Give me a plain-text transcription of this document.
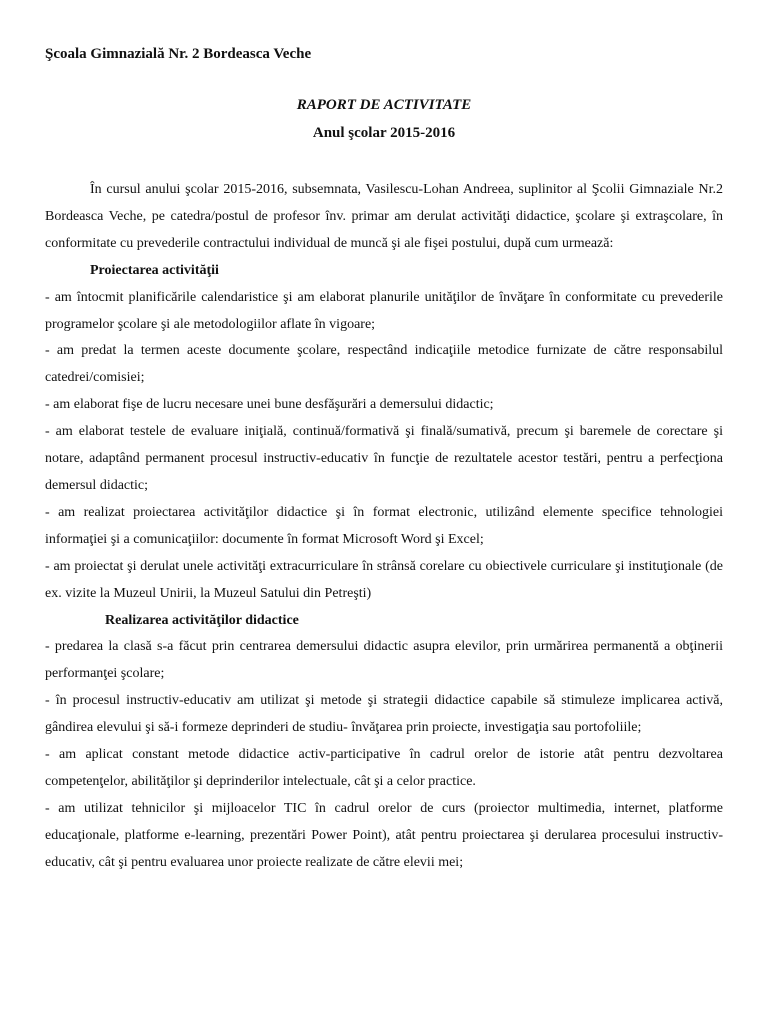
Şcoala Gimnazială Nr. 2 Bordeasca Veche
RAPORT DE ACTIVITATE
Anul şcolar 2015-2016

În cursul anului şcolar 2015-2016, subsemnata, Vasilescu-Lohan Andreea, suplinitor al Şcolii Gimnaziale Nr.2 Bordeasca Veche, pe catedra/postul de profesor înv. primar am derulat activităţi didactice, şcolare şi extraşcolare, în conformitate cu prevederile contractului individual de muncă şi ale fişei postului, după cum urmează:

Proiectarea activităţii

- am întocmit planificările calendaristice şi am elaborat planurile unităţilor de învăţare în conformitate cu prevederile programelor şcolare şi ale metodologiilor aflate în vigoare;

- am predat la termen aceste documente şcolare, respectând indicaţiile metodice furnizate de către responsabilul catedrei/comisiei;

- am elaborat fişe de lucru necesare unei bune desfăşurări a demersului didactic;

- am elaborat testele de evaluare iniţială, continuă/formativă şi finală/sumativă, precum şi baremele de corectare şi notare, adaptând permanent procesul instructiv-educativ în funcţie de rezultatele acestor testări, pentru a perfecţiona demersul didactic;

- am realizat proiectarea activităţilor didactice şi în format electronic, utilizând elemente specifice tehnologiei informaţiei şi a comunicaţiilor: documente în format Microsoft Word şi Excel;

- am proiectat şi derulat unele activităţi extracurriculare în strânsă corelare cu obiectivele curriculare şi instituţionale (de ex. vizite la Muzeul Unirii, la Muzeul Satului din Petreşti)

Realizarea activităţilor didactice

- predarea la clasă s-a făcut prin centrarea demersului didactic asupra elevilor, prin urmărirea permanentă a obţinerii performanţei şcolare;

- în procesul instructiv-educativ am utilizat şi metode şi strategii didactice capabile să stimuleze implicarea activă, gândirea elevului şi să-i formeze deprinderi de studiu- învăţarea prin proiecte, investigaţia sau portofoliile;

- am aplicat constant metode didactice activ-participative în cadrul orelor de istorie atât pentru dezvoltarea competenţelor, abilităţilor şi deprinderilor intelectuale, cât şi a celor practice.

- am utilizat tehnicilor şi mijloacelor TIC în cadrul orelor de curs (proiector multimedia, internet, platforme educaţionale, platforme e-learning, prezentări Power Point), atât pentru proiectarea şi derularea procesului instructiv-educativ, cât şi pentru evaluarea unor proiecte realizate de către elevii mei;
